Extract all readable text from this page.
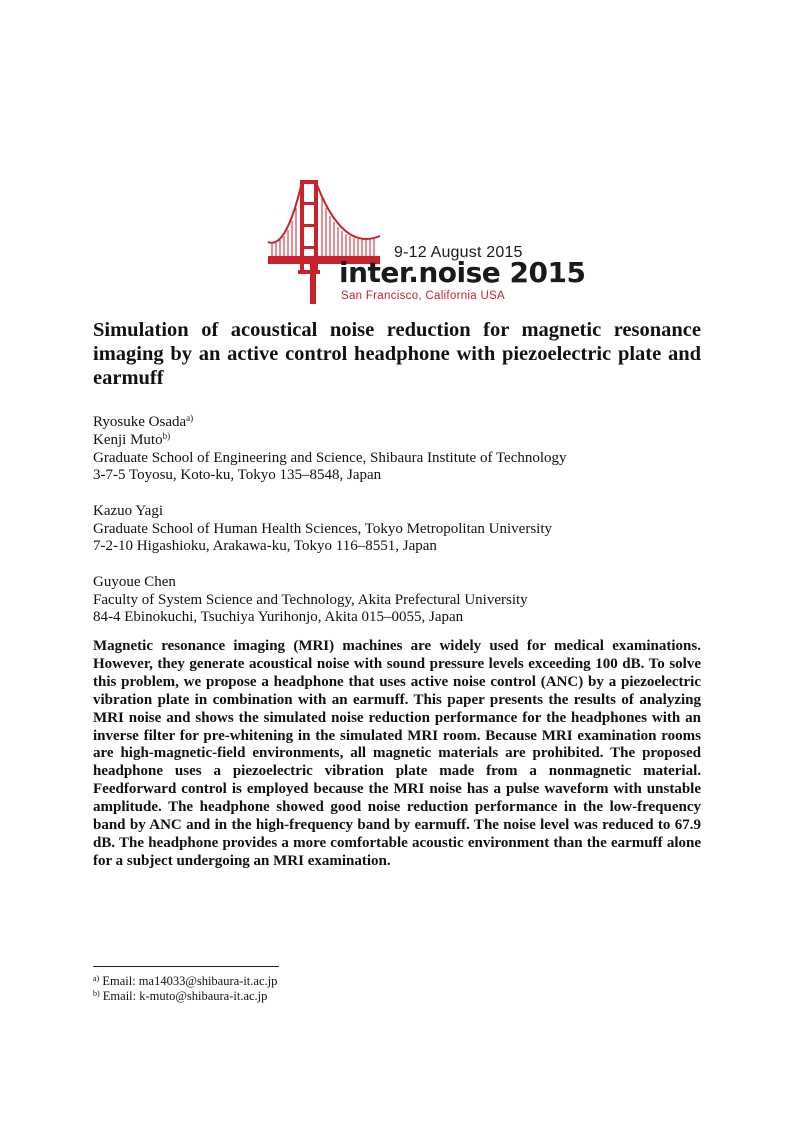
9-12 August 2015
inter.noise 2015
San Francisco, California USA
Simulation of acoustical noise reduction for magnetic resonance imaging by an active control headphone with piezoelectric plate and earmuff

Ryosuke Osada$^{a)}$

Kenji Muto$^{b)}$

Graduate School of Engineering and Science, Shibaura Institute of Technology

3-7-5 Toyosu, Koto-ku, Tokyo 135–8548, Japan

Kazuo Yagi

Graduate School of Human Health Sciences, Tokyo Metropolitan University

7-2-10 Higashioku, Arakawa-ku, Tokyo 116–8551, Japan

Guyoue Chen

Faculty of System Science and Technology, Akita Prefectural University

84-4 Ebinokuchi, Tsuchiya Yurihonjo, Akita 015–0055, Japan

Magnetic resonance imaging (MRI) machines are widely used for medical examinations. However, they generate acoustical noise with sound pressure levels exceeding 100 dB. To solve this problem, we propose a headphone that uses active noise control (ANC) by a piezoelectric vibration plate in combination with an earmuff. This paper presents the results of analyzing MRI noise and shows the simulated noise reduction performance for the headphones with an inverse filter for pre-whitening in the simulated MRI room. Because MRI examination rooms are high-magnetic-field environments, all magnetic materials are prohibited. The proposed headphone uses a piezoelectric vibration plate made from a nonmagnetic material. Feedforward control is employed because the MRI noise has a pulse waveform with unstable amplitude. The headphone showed good noise reduction performance in the low-frequency band by ANC and in the high-frequency band by earmuff. The noise level was reduced to 67.9 dB. The headphone provides a more comfortable acoustic environment than the earmuff alone for a subject undergoing an MRI examination.

$^{a)}$ Email: ma14033@shibaura-it.ac.jp

$^{b)}$ Email: k-muto@shibaura-it.ac.jp
